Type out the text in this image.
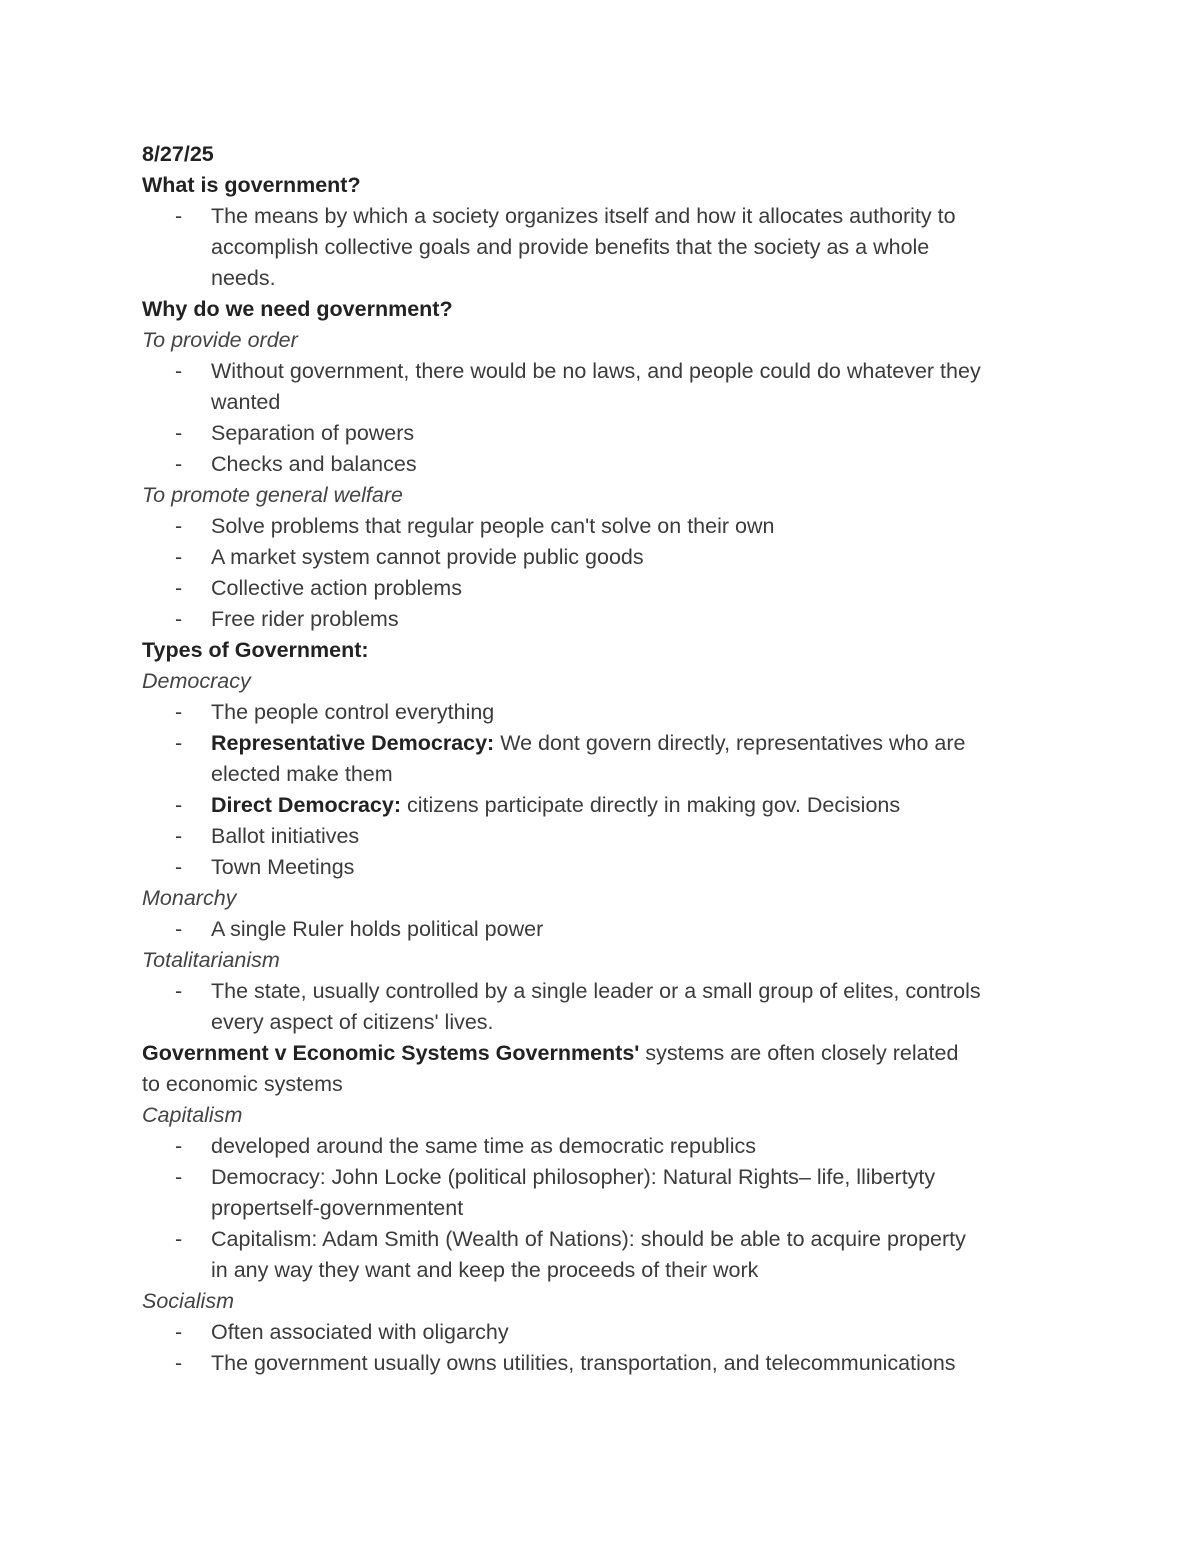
8/27/25

What is government?

- The means by which a society organizes itself and how it allocates authority to
accomplish collective goals and provide benefits that the society as a whole
needs.

Why do we need government?

To provide order

- Without government, there would be no laws, and people could do whatever they
wanted
- Separation of powers
- Checks and balances

To promote general welfare

- Solve problems that regular people can't solve on their own
- A market system cannot provide public goods
- Collective action problems
- Free rider problems

Types of Government:

Democracy

- The people control everything
- Representative Democracy: We dont govern directly, representatives who are
elected make them
- Direct Democracy: citizens participate directly in making gov. Decisions
- Ballot initiatives
- Town Meetings

Monarchy

- A single Ruler holds political power

Totalitarianism

- The state, usually controlled by a single leader or a small group of elites, controls
every aspect of citizens' lives.

Government v Economic Systems Governments' systems are often closely related

to economic systems

Capitalism

- developed around the same time as democratic republics
- Democracy: John Locke (political philosopher): Natural Rights– life, llibertyty
propertself-governmentent
- Capitalism: Adam Smith (Wealth of Nations): should be able to acquire property
in any way they want and keep the proceeds of their work

Socialism

- Often associated with oligarchy
- The government usually owns utilities, transportation, and telecommunications
